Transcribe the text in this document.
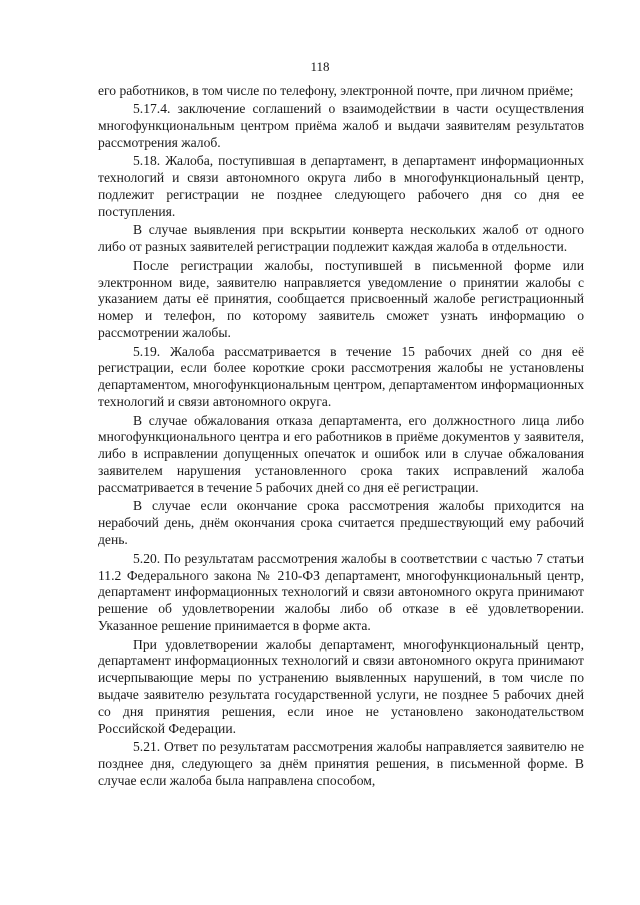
118

его работников, в том числе по телефону, электронной почте, при личном приёме;

5.17.4. заключение соглашений о взаимодействии в части осуществления многофункциональным центром приёма жалоб и выдачи заявителям результатов рассмотрения жалоб.

5.18. Жалоба, поступившая в департамент, в департамент информационных технологий и связи автономного округа либо в многофункциональный центр, подлежит регистрации не позднее следующего рабочего дня со дня ее поступления.

В случае выявления при вскрытии конверта нескольких жалоб от одного либо от разных заявителей регистрации подлежит каждая жалоба в отдельности.

После регистрации жалобы, поступившей в письменной форме или электронном виде, заявителю направляется уведомление о принятии жалобы с указанием даты её принятия, сообщается присвоенный жалобе регистрационный номер и телефон, по которому заявитель сможет узнать информацию о рассмотрении жалобы.

5.19. Жалоба рассматривается в течение 15 рабочих дней со дня её регистрации, если более короткие сроки рассмотрения жалобы не установлены департаментом, многофункциональным центром, департаментом информационных технологий и связи автономного округа.

В случае обжалования отказа департамента, его должностного лица либо многофункционального центра и его работников в приёме документов у заявителя, либо в исправлении допущенных опечаток и ошибок или в случае обжалования заявителем нарушения установленного срока таких исправлений жалоба рассматривается в течение 5 рабочих дней со дня её регистрации.

В случае если окончание срока рассмотрения жалобы приходится на нерабочий день, днём окончания срока считается предшествующий ему рабочий день.

5.20. По результатам рассмотрения жалобы в соответствии с частью 7 статьи 11.2 Федерального закона № 210-ФЗ департамент, многофункциональный центр, департамент информационных технологий и связи автономного округа принимают решение об удовлетворении жалобы либо об отказе в её удовлетворении. Указанное решение принимается в форме акта.

При удовлетворении жалобы департамент, многофункциональный центр, департамент информационных технологий и связи автономного округа принимают исчерпывающие меры по устранению выявленных нарушений, в том числе по выдаче заявителю результата государственной услуги, не позднее 5 рабочих дней со дня принятия решения, если иное не установлено законодательством Российской Федерации.

5.21. Ответ по результатам рассмотрения жалобы направляется заявителю не позднее дня, следующего за днём принятия решения, в письменной форме. В случае если жалоба была направлена способом,
